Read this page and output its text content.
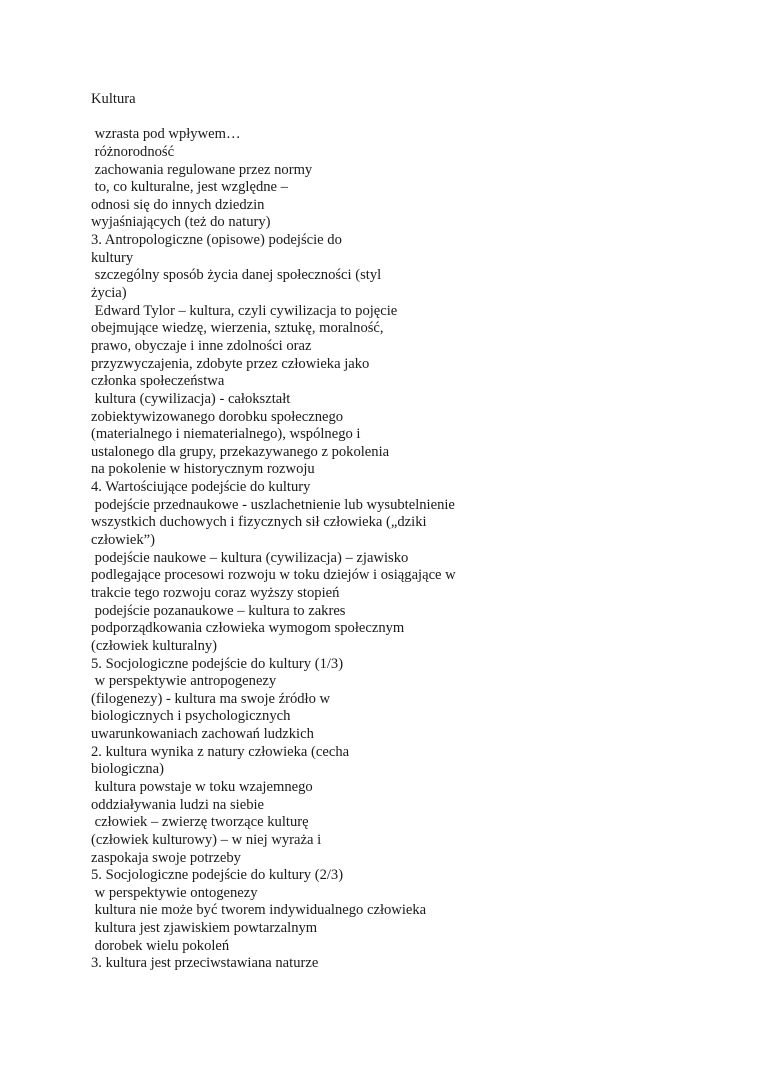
Kultura

wzrasta pod wpływem…

różnorodność

zachowania regulowane przez normy

to, co kulturalne, jest względne –

odnosi się do innych dziedzin

wyjaśniających (też do natury)

3. Antropologiczne (opisowe) podejście do

kultury

szczególny sposób życia danej społeczności (styl

życia)

Edward Tylor – kultura, czyli cywilizacja to pojęcie

obejmujące wiedzę, wierzenia, sztukę, moralność,

prawo, obyczaje i inne zdolności oraz

przyzwyczajenia, zdobyte przez człowieka jako

członka społeczeństwa

kultura (cywilizacja) - całokształt

zobiektywizowanego dorobku społecznego

(materialnego i niematerialnego), wspólnego i

ustalonego dla grupy, przekazywanego z pokolenia

na pokolenie w historycznym rozwoju

4. Wartościujące podejście do kultury

podejście przednaukowe - uszlachetnienie lub wysubtelnienie

wszystkich duchowych i fizycznych sił człowieka („dziki

człowiek”)

podejście naukowe – kultura (cywilizacja) – zjawisko

podlegające procesowi rozwoju w toku dziejów i osiągające w

trakcie tego rozwoju coraz wyższy stopień

podejście pozanaukowe – kultura to zakres

podporządkowania człowieka wymogom społecznym

(człowiek kulturalny)

5. Socjologiczne podejście do kultury (1/3)

w perspektywie antropogenezy

(filogenezy) - kultura ma swoje źródło w

biologicznych i psychologicznych

uwarunkowaniach zachowań ludzkich

2. kultura wynika z natury człowieka (cecha

biologiczna)

kultura powstaje w toku wzajemnego

oddziaływania ludzi na siebie

człowiek – zwierzę tworzące kulturę

(człowiek kulturowy) – w niej wyraża i

zaspokaja swoje potrzeby

5. Socjologiczne podejście do kultury (2/3)

w perspektywie ontogenezy

kultura nie może być tworem indywidualnego człowieka

kultura jest zjawiskiem powtarzalnym

dorobek wielu pokoleń

3. kultura jest przeciwstawiana naturze
